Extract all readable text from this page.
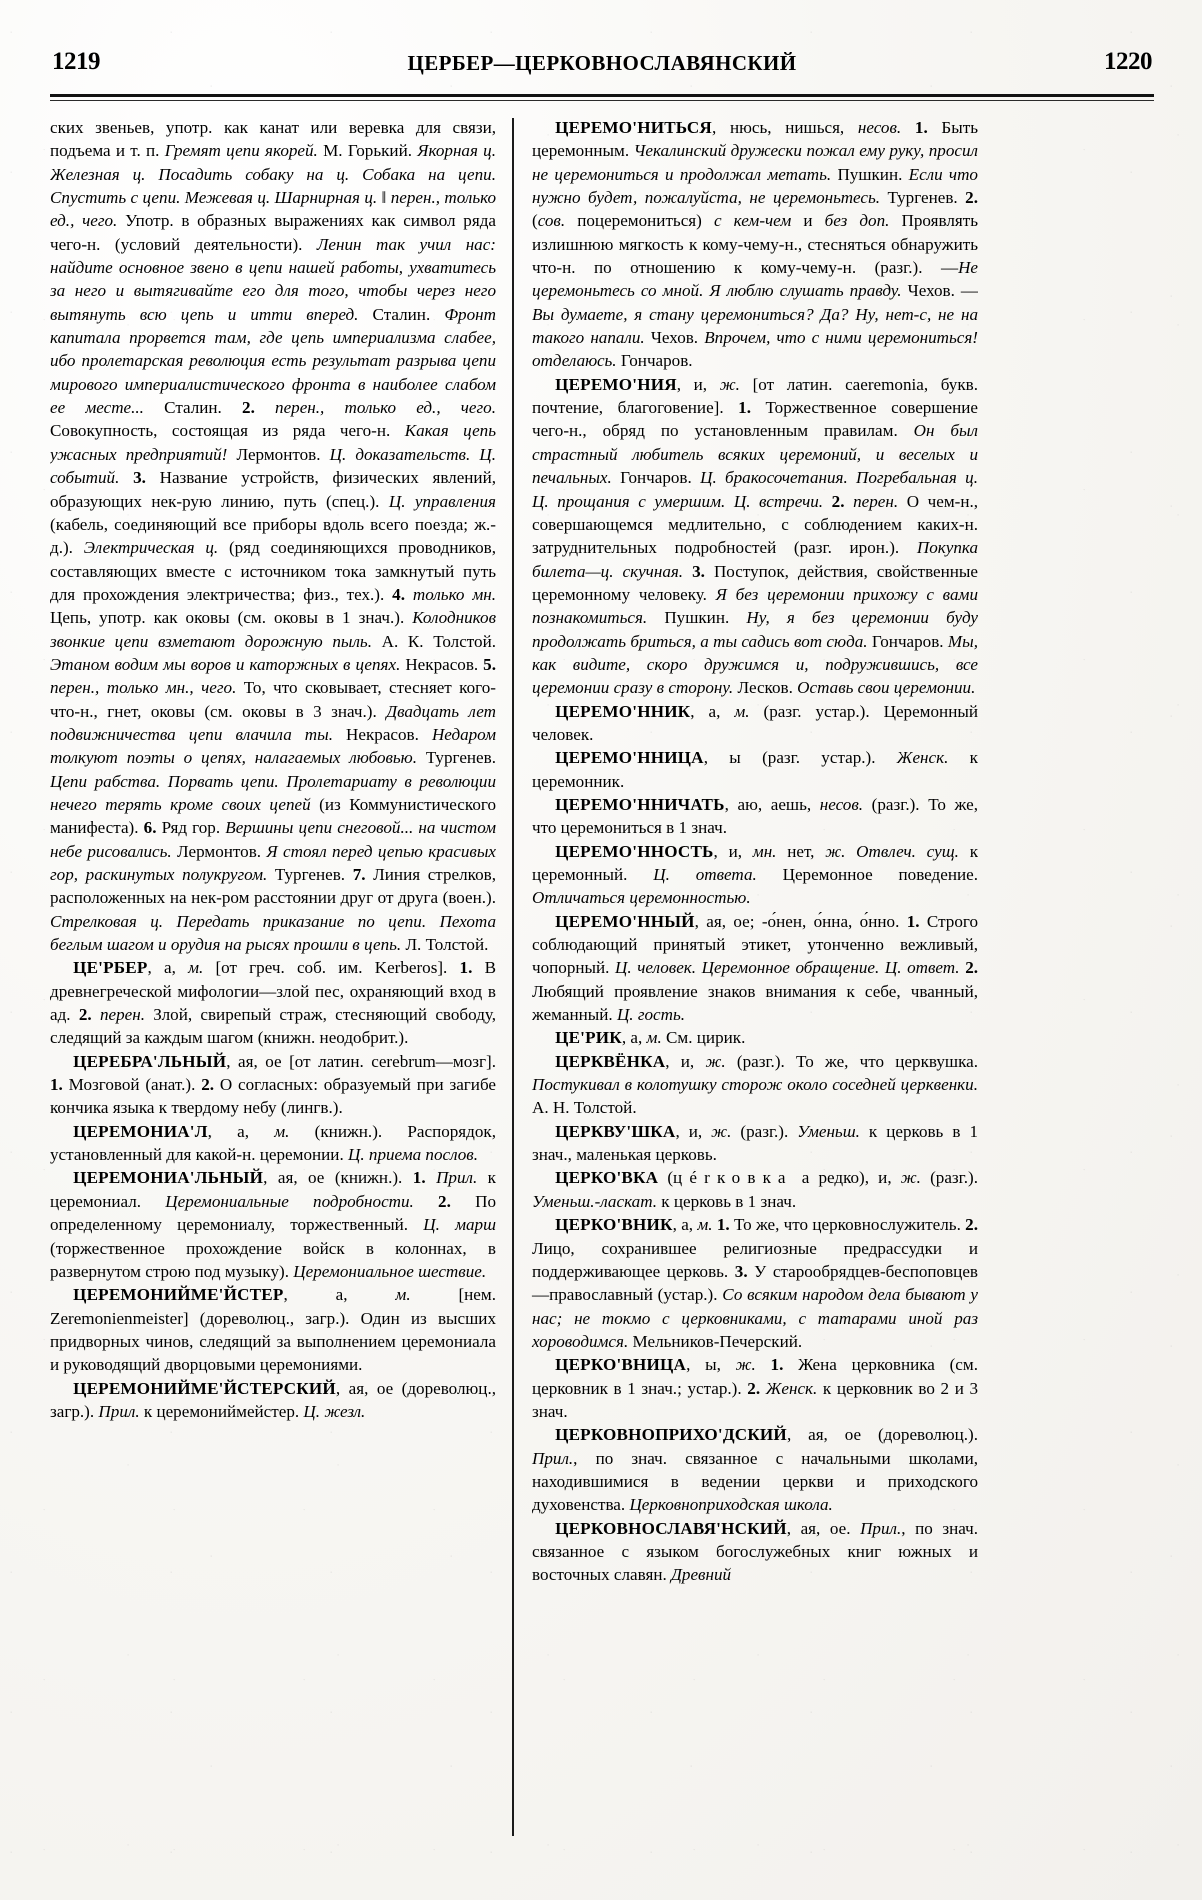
1219	ЦЕРБЕР—ЦЕРКОВНОСЛАВЯНСКИЙ	1220

ских звеньев, употр. как канат или веревка для связи, подъема и т. п. Гремят цепи якорей. М. Горький. Якорная ц. Железная ц. Посадить собаку на ц. Собака на цепи. Спустить с цепи. Межевая ц. Шарнирная ц. ‖ перен., только ед., чего. Употр. в образных выражениях как символ ряда чего-н. (условий деятельности). Ленин так учил нас: найдите основное звено в цепи нашей работы, ухватитесь за него и вытягивайте его для того, чтобы через него вытянуть всю цепь и итти вперед. Сталин. Фронт капитала прорвется там, где цепь империализма слабее, ибо пролетарская революция есть результат разрыва цепи мирового империалистического фронта в наиболее слабом ее месте... Сталин. 2. перен., только ед., чего. Совокупность, состоящая из ряда чего-н. Какая цепь ужасных предприятий! Лермонтов. Ц. доказательств. Ц. событий. 3. Название устройств, физических явлений, образующих нек-рую линию, путь (спец.). Ц. управления (кабель, соединяющий все приборы вдоль всего поезда; ж.-д.). Электрическая ц. (ряд соединяющихся проводников, составляющих вместе с источником тока замкнутый путь для прохождения электричества; физ., тех.). 4. только мн. Цепь, употр. как оковы (см. оковы в 1 знач.). Колодников звонкие цепи взметают дорожную пыль. А. К. Толстой. Этаном водим мы воров и каторжных в цепях. Некрасов. 5. перен., только мн., чего. То, что сковывает, стесняет кого-что-н., гнет, оковы (см. оковы в 3 знач.). Двадцать лет подвижничества цепи влачила ты. Некрасов. Недаром толкуют поэты о цепях, налагаемых любовью. Тургенев. Цепи рабства. Порвать цепи. Пролетариату в революции нечего терять кроме своих цепей (из Коммунистического манифеста). 6. Ряд гор. Вершины цепи снеговой... на чистом небе рисовались. Лермонтов. Я стоял перед цепью красивых гор, раскинутых полукругом. Тургенев. 7. Линия стрелков, расположенных на нек-ром расстоянии друг от друга (воен.). Стрелковая ц. Передать приказание по цепи. Пехота беглым шагом и орудия на рысях прошли в цепь. Л. Толстой.

ЦЕ'РБЕР, а, м. [от греч. соб. им. Kerberos]. 1. В древнегреческой мифологии—злой пес, охраняющий вход в ад. 2. перен. Злой, свирепый страж, стесняющий свободу, следящий за каждым шагом (книжн. неодобрит.).

ЦЕРЕБРА'ЛЬНЫЙ, ая, ое [от латин. cerebrum—мозг]. 1. Мозговой (анат.). 2. О согласных: образуемый при загибе кончика языка к твердому небу (лингв.).

ЦЕРЕМОНИА'Л, а, м. (книжн.). Распорядок, установленный для какой-н. церемонии. Ц. приема послов.

ЦЕРЕМОНИА'ЛЬНЫЙ, ая, ое (книжн.). 1. Прил. к церемониал. Церемониальные подробности. 2. По определенному церемониалу, торжественный. Ц. марш (торжественное прохождение войск в колоннах, в развернутом строю под музыку). Церемониальное шествие.

ЦЕРЕМОНИЙМЕ'ЙСТЕР, а, м. [нем. Zeremonienmeister] (дореволюц., загр.). Один из высших придворных чинов, следящий за выполнением церемониала и руководящий дворцовыми церемониями.

ЦЕРЕМОНИЙМЕ'ЙСТЕРСКИЙ, ая, ое (дореволюц., загр.). Прил. к церемониймейстер. Ц. жезл.

ЦЕРЕМО'НИТЬСЯ, нюсь, нишься, несов. 1. Быть церемонным. Чекалинский дружески пожал ему руку, просил не церемониться и продолжал метать. Пушкин. Если что нужно будет, пожалуйста, не церемоньтесь. Тургенев. 2. (сов. поцеремониться) с кем-чем и без доп. Проявлять излишнюю мягкость к кому-чему-н., стесняться обнаружить что-н. по отношению к кому-чему-н. (разг.). —Не церемоньтесь со мной. Я люблю слушать правду. Чехов. —Вы думаете, я стану церемониться? Да? Ну, нет-с, не на такого напали. Чехов. Впрочем, что с ними церемониться! отделаюсь. Гончаров.

ЦЕРЕМО'НИЯ, и, ж. [от латин. caeremonia, букв. почтение, благоговение]. 1. Торжественное совершение чего-н., обряд по установленным правилам. Он был страстный любитель всяких церемоний, и веселых и печальных. Гончаров. Ц. бракосочетания. Погребальная ц. Ц. прощания с умершим. Ц. встречи. 2. перен. О чем-н., совершающемся медлительно, с соблюдением каких-н. затруднительных подробностей (разг. ирон.). Покупка билета—ц. скучная. 3. Поступок, действия, свойственные церемонному человеку. Я без церемонии прихожу с вами познакомиться. Пушкин. Ну, я без церемонии буду продолжать бриться, а ты садись вот сюда. Гончаров. Мы, как видите, скоро дружимся и, подружившись, все церемонии сразу в сторону. Лесков. Оставь свои церемонии.

ЦЕРЕМО'ННИК, а, м. (разг. устар.). Церемонный человек.

ЦЕРЕМО'ННИЦА, ы (разг. устар.). Женск. к церемонник.

ЦЕРЕМО'ННИЧАТЬ, аю, аешь, несов. (разг.). То же, что церемониться в 1 знач.

ЦЕРЕМО'ННОСТЬ, и, мн. нет, ж. Отвлеч. сущ. к церемонный. Ц. ответа. Церемонное поведение. Отличаться церемонностью.

ЦЕРЕМО'ННЫЙ, ая, ое; -о́нен, о́нна, о́нно. 1. Строго соблюдающий принятый этикет, утонченно вежливый, чопорный. Ц. человек. Церемонное обращение. Ц. ответ. 2. Любящий проявление знаков внимания к себе, чванный, жеманный. Ц. гость.

ЦЕ'РИК, а, м. См. цирик.

ЦЕРКВЁНКА, и, ж. (разг.). То же, что церквушка. Постукивал в колотушку сторож около соседней церквенки. А. Н. Толстой.

ЦЕРКВУ'ШКА, и, ж. (разг.). Уменьш. к церковь в 1 знач., маленькая церковь.

ЦЕРКО'ВКА (цérковка а редко), и, ж. (разг.). Уменьш.-ласкат. к церковь в 1 знач.

ЦЕРКО'ВНИК, а, м. 1. То же, что церковнослужитель. 2. Лицо, сохранившее религиозные предрассудки и поддерживающее церковь. 3. У старообрядцев-беспоповцев—православный (устар.). Со всяким народом дела бывают у нас; не токмо с церковниками, с татарами иной раз хороводимся. Мельников-Печерский.

ЦЕРКО'ВНИЦА, ы, ж. 1. Жена церковника (см. церковник в 1 знач.; устар.). 2. Женск. к церковник во 2 и 3 знач.

ЦЕРКОВНОПРИХО'ДСКИЙ, ая, ое (дореволюц.). Прил., по знач. связанное с начальными школами, находившимися в ведении церкви и приходского духовенства. Церковноприходская школа.

ЦЕРКОВНОСЛАВЯ'НСКИЙ, ая, ое. Прил., по знач. связанное с языком богослужебных книг южных и восточных славян. Древний
